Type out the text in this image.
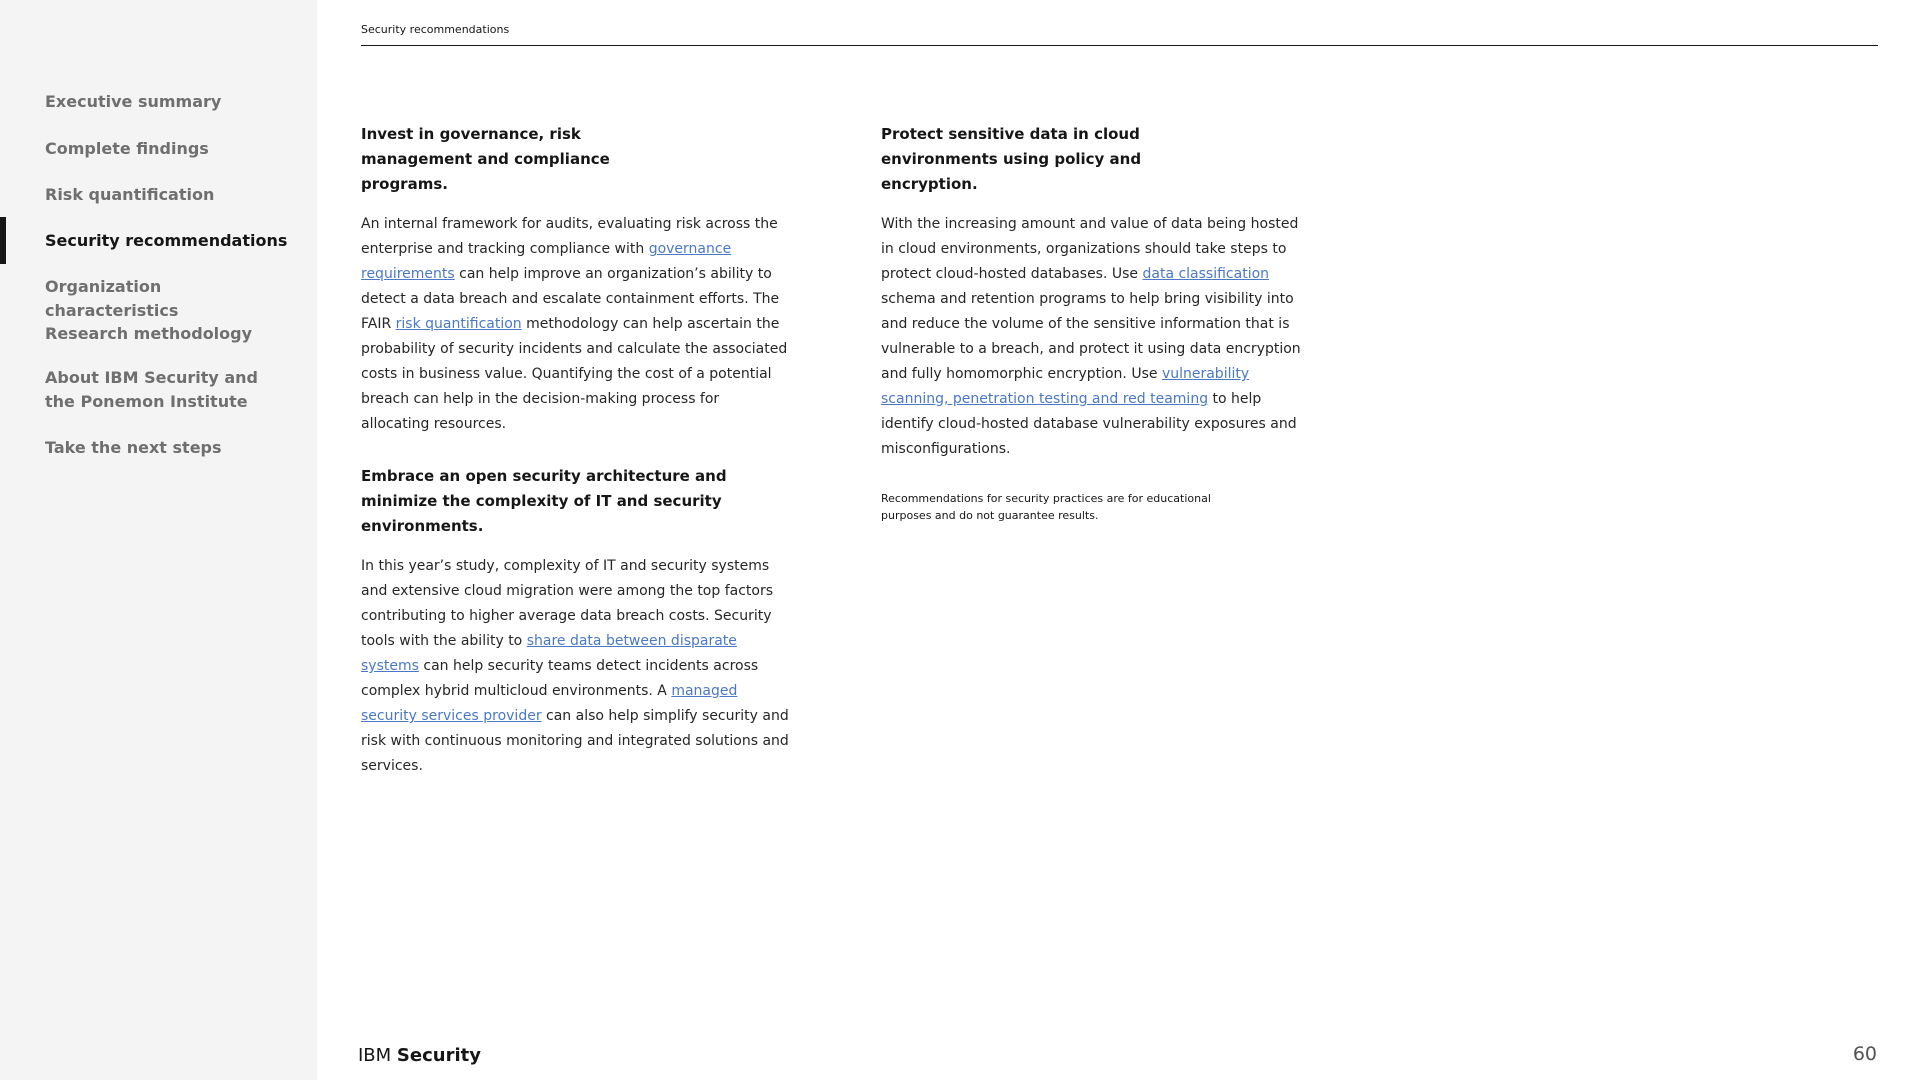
Executive summary
Complete findings
Risk quantification
Security recommendations
Organization characteristics
Research methodology
About IBM Security and the Ponemon Institute
Take the next steps
Security recommendations

Invest in governance, risk management and compliance programs.

An internal framework for audits, evaluating risk across the enterprise and tracking compliance with governance requirements can help improve an organization’s ability to detect a data breach and escalate containment efforts. The FAIR risk quantification methodology can help ascertain the probability of security incidents and calculate the associated costs in business value. Quantifying the cost of a potential breach can help in the decision-making process for allocating resources.

Embrace an open security architecture and minimize the complexity of IT and security environments.

In this year’s study, complexity of IT and security systems and extensive cloud migration were among the top factors contributing to higher average data breach costs. Security tools with the ability to share data between disparate systems can help security teams detect incidents across complex hybrid multicloud environments. A managed security services provider can also help simplify security and risk with continuous monitoring and integrated solutions and services.

Protect sensitive data in cloud environments using policy and encryption.

With the increasing amount and value of data being hosted in cloud environments, organizations should take steps to protect cloud-hosted databases. Use data classification schema and retention programs to help bring visibility into and reduce the volume of the sensitive information that is vulnerable to a breach, and protect it using data encryption and fully homomorphic encryption. Use vulnerability scanning, penetration testing and red teaming to help identify cloud-hosted database vulnerability exposures and misconfigurations.

Recommendations for security practices are for educational purposes and do not guarantee results.
IBM Security	60
